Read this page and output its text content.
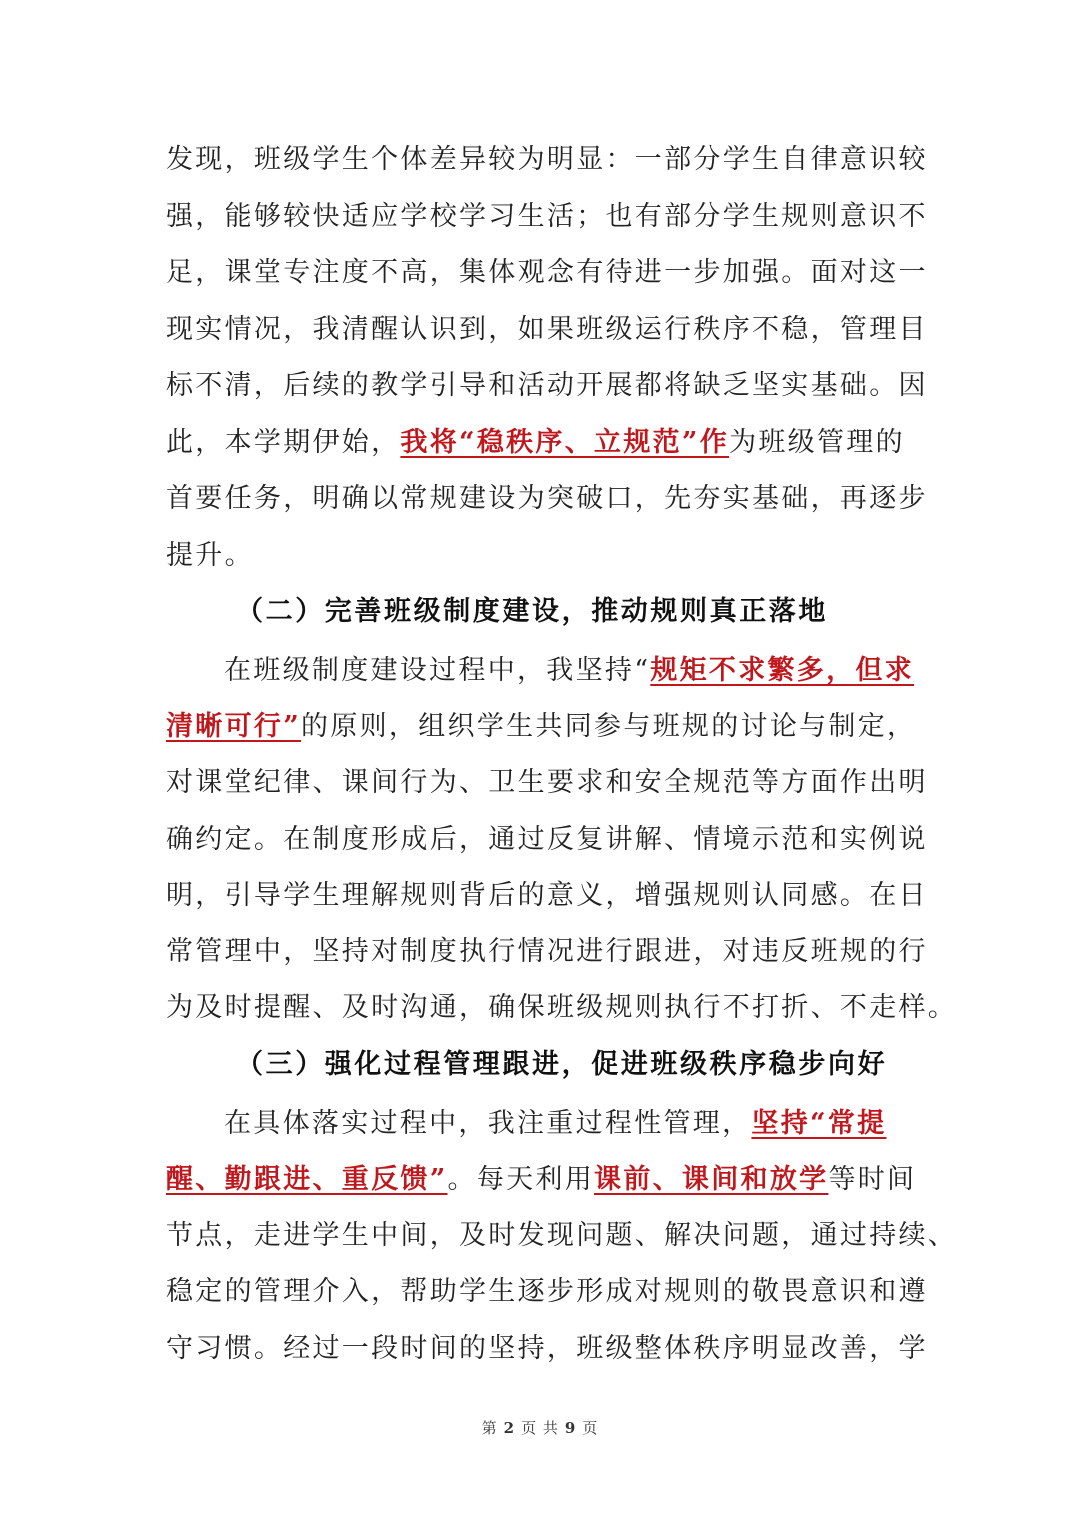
发现，班级学生个体差异较为明显：一部分学生自律意识较
强，能够较快适应学校学习生活；也有部分学生规则意识不
足，课堂专注度不高，集体观念有待进一步加强。面对这一
现实情况，我清醒认识到，如果班级运行秩序不稳，管理目
标不清，后续的教学引导和活动开展都将缺乏坚实基础。因
此，本学期伊始，我将“稳秩序、立规范”作为班级管理的
首要任务，明确以常规建设为突破口，先夯实基础，再逐步
提升。
（二）完善班级制度建设，推动规则真正落地
在班级制度建设过程中，我坚持“规矩不求繁多，但求
清晰可行”的原则，组织学生共同参与班规的讨论与制定，
对课堂纪律、课间行为、卫生要求和安全规范等方面作出明
确约定。在制度形成后，通过反复讲解、情境示范和实例说
明，引导学生理解规则背后的意义，增强规则认同感。在日
常管理中，坚持对制度执行情况进行跟进，对违反班规的行
为及时提醒、及时沟通，确保班级规则执行不打折、不走样。
（三）强化过程管理跟进，促进班级秩序稳步向好
在具体落实过程中，我注重过程性管理，坚持“常提
醒、勤跟进、重反馈”。每天利用课前、课间和放学等时间
节点，走进学生中间，及时发现问题、解决问题，通过持续、
稳定的管理介入，帮助学生逐步形成对规则的敬畏意识和遵
守习惯。经过一段时间的坚持，班级整体秩序明显改善，学
第 2 页 共 9 页
